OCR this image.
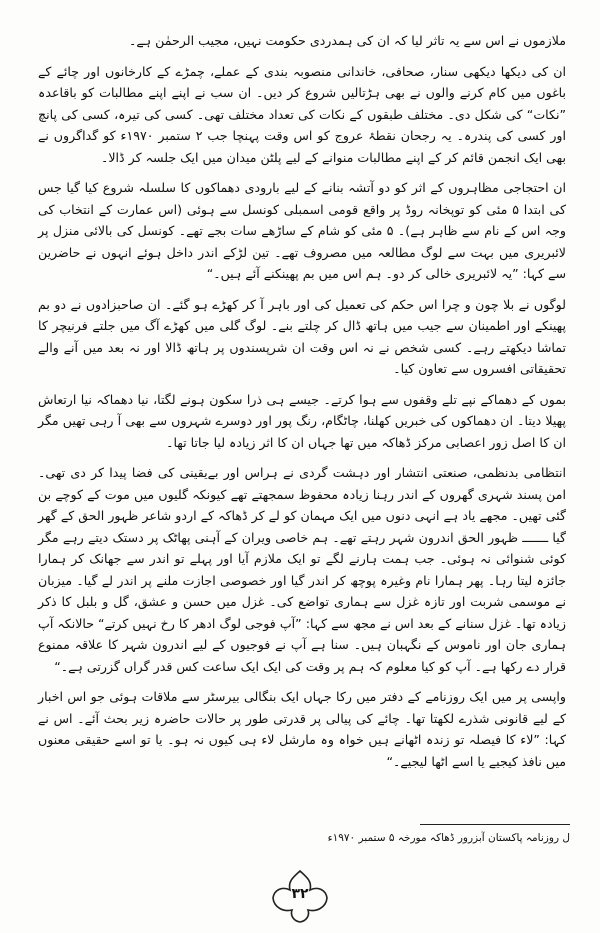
ملازموں نے اس سے یہ تاثر لیا کہ ان کی ہمدردی حکومت نہیں، مجیب الرحمٰن ہے۔

ان کی دیکھا دیکھی سنار، صحافی، خاندانی منصوبہ بندی کے عملے، چمڑے کے کارخانوں اور چائے کے باغوں میں کام کرنے والوں نے بھی ہڑتالیں شروع کر دیں۔ ان سب نے اپنے اپنے مطالبات کو باقاعدہ ”نکات“ کی شکل دی۔ مختلف طبقوں کے نکات کی تعداد مختلف تھی۔ کسی کی تیرہ، کسی کی پانچ اور کسی کی پندرہ۔ یہ رجحان نقطۂ عروج کو اس وقت پہنچا جب ۲ ستمبر ۱۹۷۰ء کو گداگروں نے بھی ایک انجمن قائم کر کے اپنے مطالبات منوانے کے لیے پلٹن میدان میں ایک جلسہ کر ڈالا۔

ان احتجاجی مظاہروں کے اثر کو دو آتشہ بنانے کے لیے بارودی دھماکوں کا سلسلہ شروع کیا گیا جس کی ابتدا ۵ مئی کو توپخانہ روڈ پر واقع قومی اسمبلی کونسل سے ہوئی (اس عمارت کے انتخاب کی وجہ اس کے نام سے ظاہر ہے)۔ ۵ مئی کو شام کے ساڑھے سات بجے تھے۔ کونسل کی بالائی منزل پر لائبریری میں بہت سے لوگ مطالعہ میں مصروف تھے۔ تین لڑکے اندر داخل ہوئے انہوں نے حاضرین سے کہا: ”یہ لائبریری خالی کر دو۔ ہم اس میں بم پھینکنے آئے ہیں۔“

لوگوں نے بلا چون و چرا اس حکم کی تعمیل کی اور باہر آ کر کھڑے ہو گئے۔ ان صاحبزادوں نے دو بم پھینکے اور اطمینان سے جیب میں ہاتھ ڈال کر چلتے بنے۔ لوگ گلی میں کھڑے آگ میں جلتے فرنیچر کا تماشا دیکھتے رہے۔ کسی شخص نے نہ اس وقت ان شرپسندوں پر ہاتھ ڈالا اور نہ بعد میں آنے والے تحقیقاتی افسروں سے تعاون کیا۔

بموں کے دھماکے نپے تلے وقفوں سے ہوا کرتے۔ جیسے ہی ذرا سکون ہونے لگتا، نیا دھماکہ نیا ارتعاش پھیلا دیتا۔ ان دھماکوں کی خبریں کھلنا، چاٹگام، رنگ پور اور دوسرے شہروں سے بھی آ رہی تھیں مگر ان کا اصل زور اعصابی مرکز ڈھاکہ میں تھا جہاں ان کا اثر زیادہ لیا جاتا تھا۔

انتظامی بدنظمی، صنعتی انتشار اور دہشت گردی نے ہراس اور بےیقینی کی فضا پیدا کر دی تھی۔ امن پسند شہری گھروں کے اندر رہنا زیادہ محفوظ سمجھتے تھے کیونکہ گلیوں میں موت کے کوچے بن گئی تھیں۔ مجھے یاد ہے انہی دنوں میں ایک مہمان کو لے کر ڈھاکہ کے اردو شاعر ظہور الحق کے گھر گیا ـــــــ ظہور الحق اندرون شہر رہتے تھے۔ ہم خاصی ویران کے آہنی پھاٹک پر دستک دیتے رہے مگر کوئی شنوائی نہ ہوئی۔ جب ہمت ہارنے لگے تو ایک ملازم آیا اور پہلے تو اندر سے جھانک کر ہمارا جائزہ لیتا رہا۔ پھر ہمارا نام وغیرہ پوچھ کر اندر گیا اور خصوصی اجازت ملنے پر اندر لے گیا۔ میزبان نے موسمی شربت اور تازہ غزل سے ہماری تواضع کی۔ غزل میں حسن و عشق، گل و بلبل کا ذکر زیادہ تھا۔ غزل سنانے کے بعد اس نے مجھ سے کہا: ”آپ فوجی لوگ ادھر کا رخ نہیں کرتے“ حالانکہ آپ ہماری جان اور ناموس کے نگہبان ہیں۔ سنا ہے آپ نے فوجیوں کے لیے اندرون شہر کا علاقہ ممنوع قرار دے رکھا ہے۔ آپ کو کیا معلوم کہ ہم پر وقت کی ایک ایک ساعت کس قدر گراں گزرتی ہے۔“

واپسی پر میں ایک روزنامے کے دفتر میں رکا جہاں ایک بنگالی بیرسٹر سے ملاقات ہوئی جو اس اخبار کے لیے قانونی شذرے لکھتا تھا۔ چائے کی پیالی پر قدرتی طور پر حالات حاضرہ زیر بحث آئے۔ اس نے کہا: ”لاء کا فیصلہ تو زندہ اٹھانے ہیں خواہ وہ مارشل لاء ہی کیوں نہ ہو۔ یا تو اسے حقیقی معنوں میں نافذ کیجیے یا اسے اٹھا لیجیے۔“

ل روزنامہ پاکستان آبزرور ڈھاکہ مورخہ ۵ ستمبر ۱۹۷۰ء
۳۲
